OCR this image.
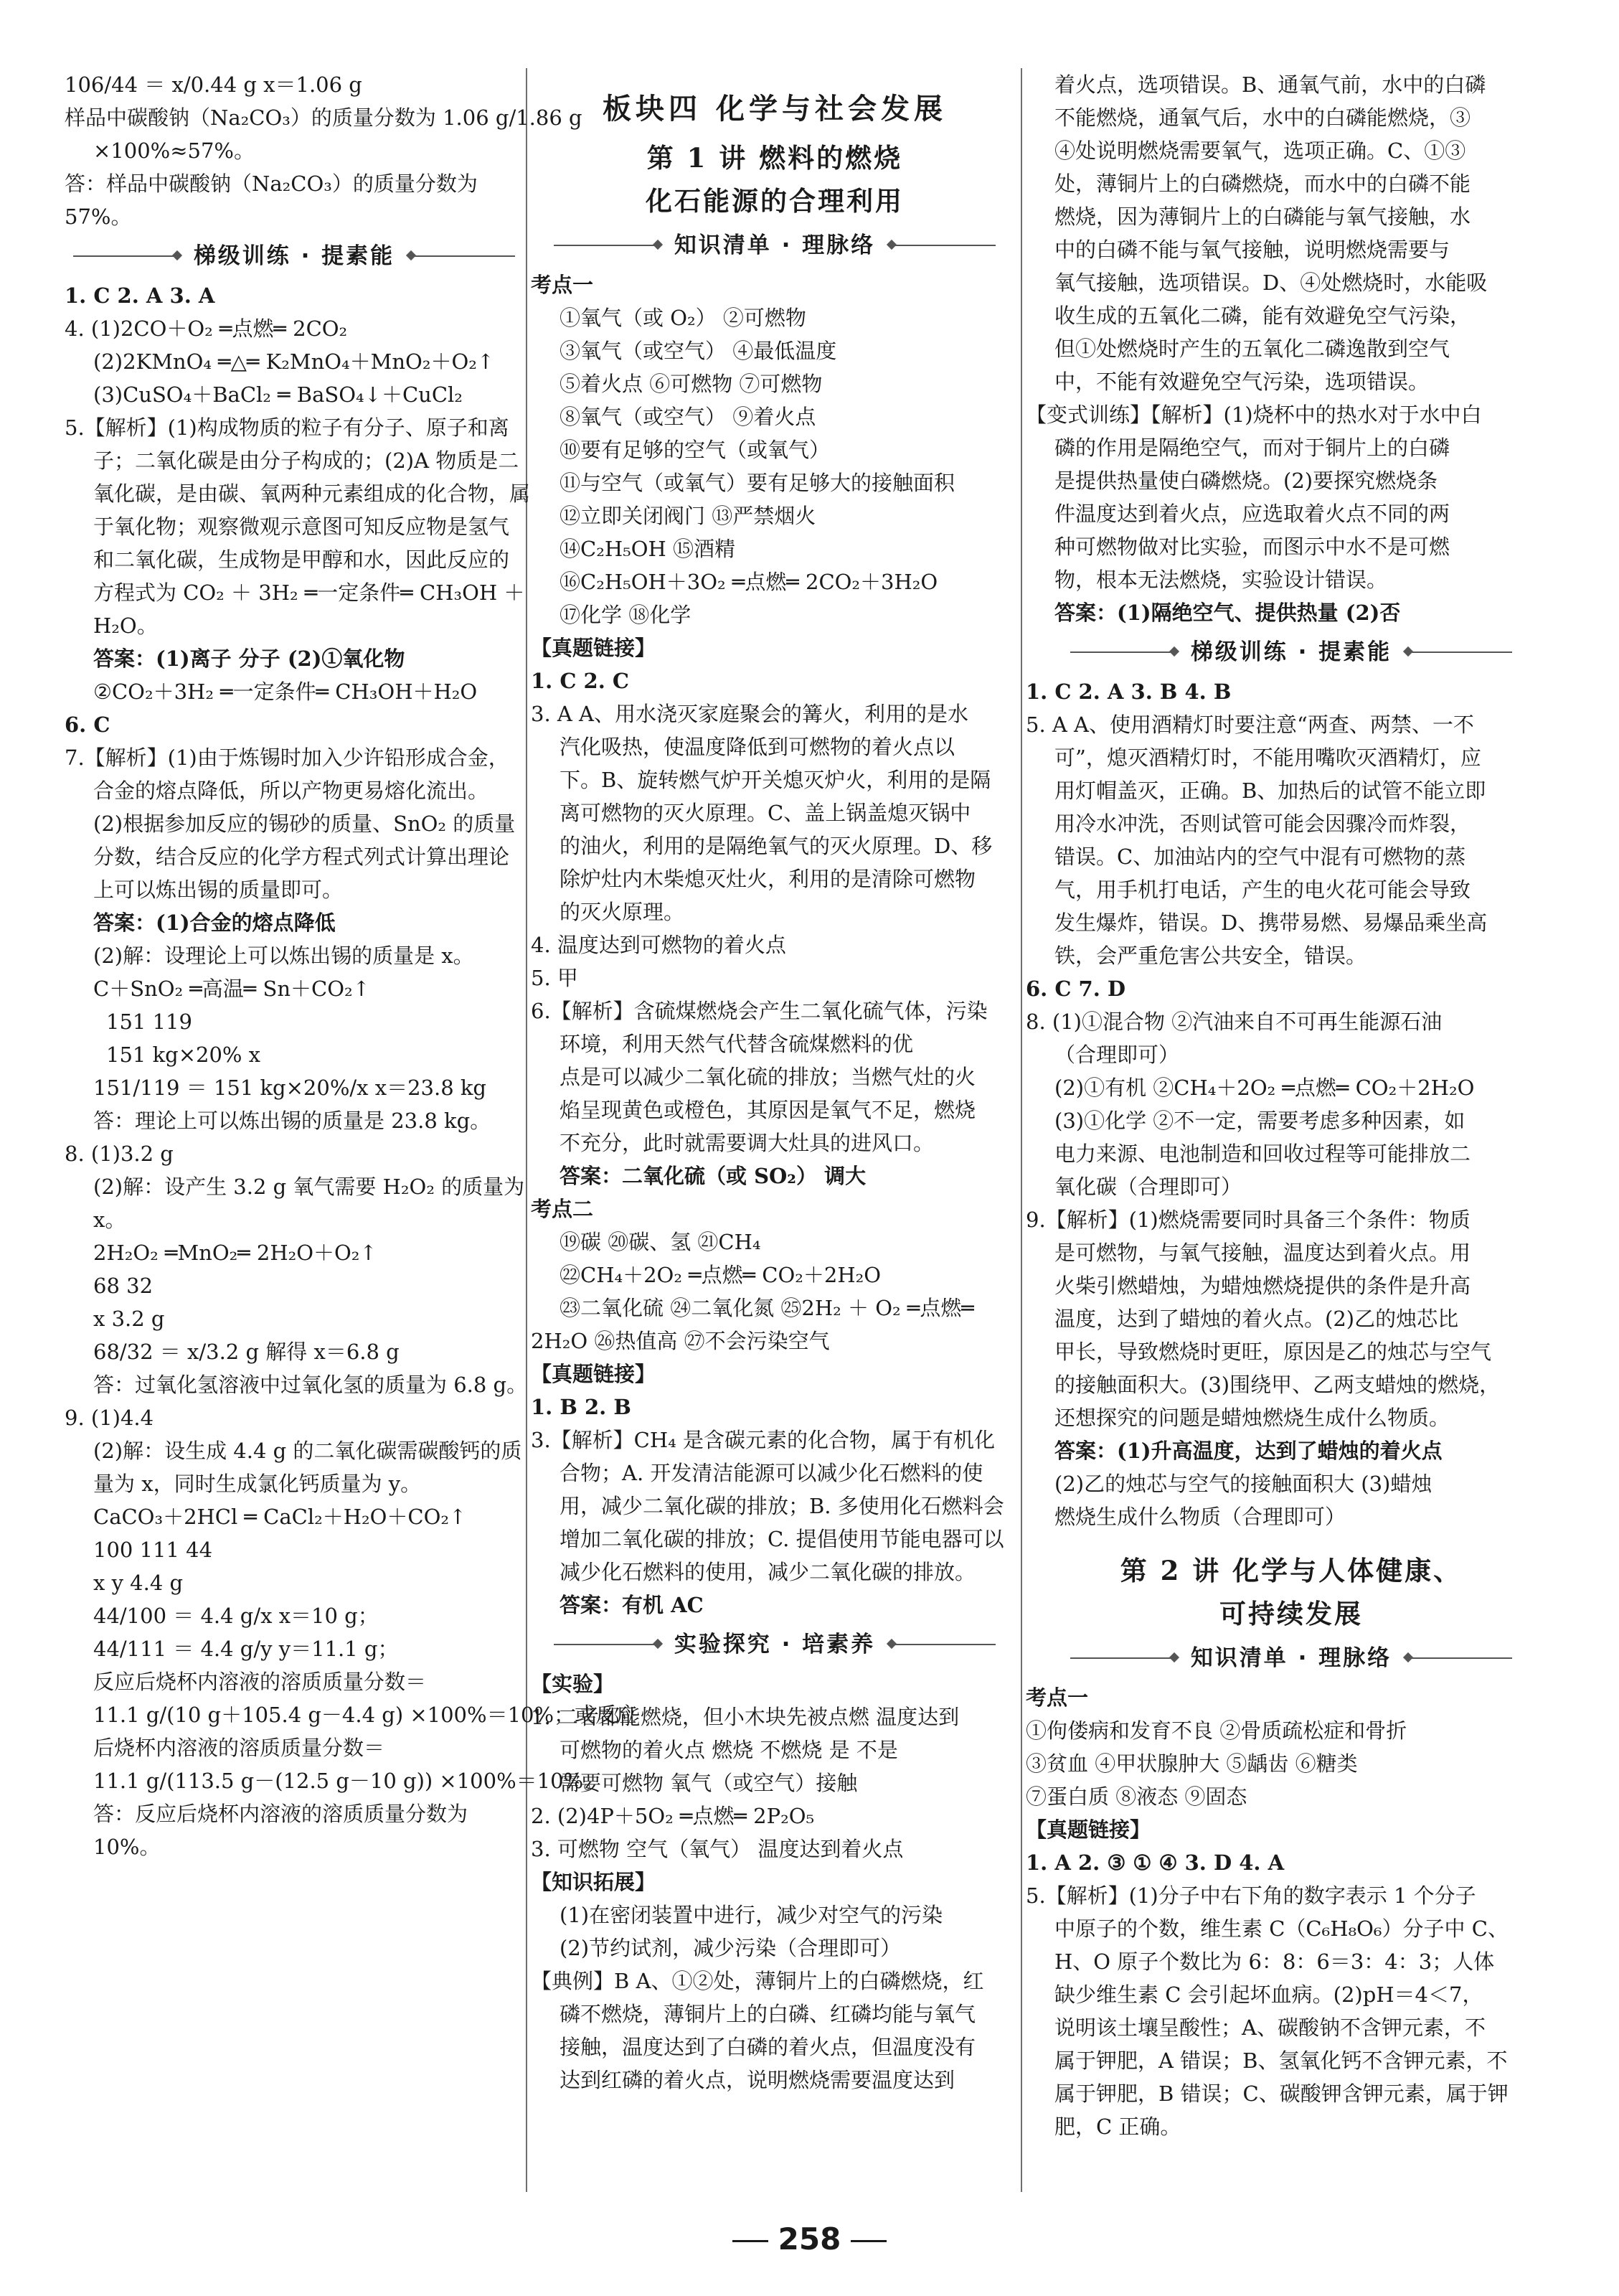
106/44 ＝ x/0.44 g x＝1.06 g
样品中碳酸钠（Na₂CO₃）的质量分数为 1.06 g/1.86 g
×100%≈57%。
答：样品中碳酸钠（Na₂CO₃）的质量分数为
57%。
梯级训练 · 提素能
1. C 2. A 3. A
4. (1)2CO＋O₂ ═点燃═ 2CO₂
(2)2KMnO₄ ═△═ K₂MnO₄＋MnO₂＋O₂↑
(3)CuSO₄＋BaCl₂ ═ BaSO₄↓＋CuCl₂
5.【解析】(1)构成物质的粒子有分子、原子和离
子；二氧化碳是由分子构成的；(2)A 物质是二
氧化碳，是由碳、氧两种元素组成的化合物，属
于氧化物；观察微观示意图可知反应物是氢气
和二氧化碳，生成物是甲醇和水，因此反应的
方程式为 CO₂ ＋ 3H₂ ═一定条件═ CH₃OH ＋
H₂O。
答案：(1)离子 分子 (2)①氧化物
②CO₂＋3H₂ ═一定条件═ CH₃OH＋H₂O
6. C
7.【解析】(1)由于炼锡时加入少许铅形成合金，
合金的熔点降低，所以产物更易熔化流出。
(2)根据参加反应的锡砂的质量、SnO₂ 的质量
分数，结合反应的化学方程式列式计算出理论
上可以炼出锡的质量即可。
答案：(1)合金的熔点降低
(2)解：设理论上可以炼出锡的质量是 x。
C＋SnO₂ ═高温═ Sn＋CO₂↑
151 119
151 kg×20% x
151/119 ＝ 151 kg×20%/x x＝23.8 kg
答：理论上可以炼出锡的质量是 23.8 kg。
8. (1)3.2 g
(2)解：设产生 3.2 g 氧气需要 H₂O₂ 的质量为
x。
2H₂O₂ ═MnO₂═ 2H₂O＋O₂↑
68 32
x 3.2 g
68/32 ＝ x/3.2 g 解得 x＝6.8 g
答：过氧化氢溶液中过氧化氢的质量为 6.8 g。
9. (1)4.4
(2)解：设生成 4.4 g 的二氧化碳需碳酸钙的质
量为 x，同时生成氯化钙质量为 y。
CaCO₃＋2HCl ═ CaCl₂＋H₂O＋CO₂↑
100 111 44
x y 4.4 g
44/100 ＝ 4.4 g/x x＝10 g；
44/111 ＝ 4.4 g/y y＝11.1 g；
反应后烧杯内溶液的溶质质量分数＝
11.1 g/(10 g＋105.4 g－4.4 g) ×100%＝10%；或反应
后烧杯内溶液的溶质质量分数＝
11.1 g/(113.5 g－(12.5 g－10 g)) ×100%＝10%。
答：反应后烧杯内溶液的溶质质量分数为
10%。
板块四 化学与社会发展
第 1 讲 燃料的燃烧
化石能源的合理利用
知识清单 · 理脉络
考点一
①氧气（或 O₂） ②可燃物
③氧气（或空气） ④最低温度
⑤着火点 ⑥可燃物 ⑦可燃物
⑧氧气（或空气） ⑨着火点
⑩要有足够的空气（或氧气）
⑪与空气（或氧气）要有足够大的接触面积
⑫立即关闭阀门 ⑬严禁烟火
⑭C₂H₅OH ⑮酒精
⑯C₂H₅OH＋3O₂ ═点燃═ 2CO₂＋3H₂O
⑰化学 ⑱化学
【真题链接】
1. C 2. C
3. A A、用水浇灭家庭聚会的篝火，利用的是水
汽化吸热，使温度降低到可燃物的着火点以
下。B、旋转燃气炉开关熄灭炉火，利用的是隔
离可燃物的灭火原理。C、盖上锅盖熄灭锅中
的油火，利用的是隔绝氧气的灭火原理。D、移
除炉灶内木柴熄灭灶火，利用的是清除可燃物
的灭火原理。
4. 温度达到可燃物的着火点
5. 甲
6.【解析】含硫煤燃烧会产生二氧化硫气体，污染
环境，利用天然气代替含硫煤燃料的优
点是可以减少二氧化硫的排放；当燃气灶的火
焰呈现黄色或橙色，其原因是氧气不足，燃烧
不充分，此时就需要调大灶具的进风口。
答案：二氧化硫（或 SO₂） 调大
考点二
⑲碳 ⑳碳、氢 ㉑CH₄
㉒CH₄＋2O₂ ═点燃═ CO₂＋2H₂O
㉓二氧化硫 ㉔二氧化氮 ㉕2H₂ ＋ O₂ ═点燃═
2H₂O ㉖热值高 ㉗不会污染空气
【真题链接】
1. B 2. B
3.【解析】CH₄ 是含碳元素的化合物，属于有机化
合物；A. 开发清洁能源可以减少化石燃料的使
用，减少二氧化碳的排放；B. 多使用化石燃料会
增加二氧化碳的排放；C. 提倡使用节能电器可以
减少化石燃料的使用，减少二氧化碳的排放。
答案：有机 AC
实验探究 · 培素养
【实验】
1. 二者都能燃烧，但小木块先被点燃 温度达到
可燃物的着火点 燃烧 不燃烧 是 不是
需要可燃物 氧气（或空气）接触
2. (2)4P＋5O₂ ═点燃═ 2P₂O₅
3. 可燃物 空气（氧气） 温度达到着火点
【知识拓展】
(1)在密闭装置中进行，减少对空气的污染
(2)节约试剂，减少污染（合理即可）
【典例】B A、①②处，薄铜片上的白磷燃烧，红
磷不燃烧，薄铜片上的白磷、红磷均能与氧气
接触，温度达到了白磷的着火点，但温度没有
达到红磷的着火点，说明燃烧需要温度达到
着火点，选项错误。B、通氧气前，水中的白磷
不能燃烧，通氧气后，水中的白磷能燃烧，③
④处说明燃烧需要氧气，选项正确。C、①③
处，薄铜片上的白磷燃烧，而水中的白磷不能
燃烧，因为薄铜片上的白磷能与氧气接触，水
中的白磷不能与氧气接触，说明燃烧需要与
氧气接触，选项错误。D、④处燃烧时，水能吸
收生成的五氧化二磷，能有效避免空气污染，
但①处燃烧时产生的五氧化二磷逸散到空气
中，不能有效避免空气污染，选项错误。
【变式训练】【解析】(1)烧杯中的热水对于水中白
磷的作用是隔绝空气，而对于铜片上的白磷
是提供热量使白磷燃烧。(2)要探究燃烧条
件温度达到着火点，应选取着火点不同的两
种可燃物做对比实验，而图示中水不是可燃
物，根本无法燃烧，实验设计错误。
答案：(1)隔绝空气、提供热量 (2)否
梯级训练 · 提素能
1. C 2. A 3. B 4. B
5. A A、使用酒精灯时要注意“两查、两禁、一不
可”，熄灭酒精灯时，不能用嘴吹灭酒精灯，应
用灯帽盖灭，正确。B、加热后的试管不能立即
用冷水冲洗，否则试管可能会因骤冷而炸裂，
错误。C、加油站内的空气中混有可燃物的蒸
气，用手机打电话，产生的电火花可能会导致
发生爆炸，错误。D、携带易燃、易爆品乘坐高
铁，会严重危害公共安全，错误。
6. C 7. D
8. (1)①混合物 ②汽油来自不可再生能源石油
（合理即可）
(2)①有机 ②CH₄＋2O₂ ═点燃═ CO₂＋2H₂O
(3)①化学 ②不一定，需要考虑多种因素，如
电力来源、电池制造和回收过程等可能排放二
氧化碳（合理即可）
9.【解析】(1)燃烧需要同时具备三个条件：物质
是可燃物，与氧气接触，温度达到着火点。用
火柴引燃蜡烛，为蜡烛燃烧提供的条件是升高
温度，达到了蜡烛的着火点。(2)乙的烛芯比
甲长，导致燃烧时更旺，原因是乙的烛芯与空气
的接触面积大。(3)围绕甲、乙两支蜡烛的燃烧，
还想探究的问题是蜡烛燃烧生成什么物质。
答案：(1)升高温度，达到了蜡烛的着火点
(2)乙的烛芯与空气的接触面积大 (3)蜡烛
燃烧生成什么物质（合理即可）
第 2 讲 化学与人体健康、
可持续发展
知识清单 · 理脉络
考点一
①佝偻病和发育不良 ②骨质疏松症和骨折
③贫血 ④甲状腺肿大 ⑤龋齿 ⑥糖类
⑦蛋白质 ⑧液态 ⑨固态
【真题链接】
1. A 2. ③ ① ④ 3. D 4. A
5.【解析】(1)分子中右下角的数字表示 1 个分子
中原子的个数，维生素 C（C₆H₈O₆）分子中 C、
H、O 原子个数比为 6：8：6＝3：4：3；人体
缺少维生素 C 会引起坏血病。(2)pH＝4＜7，
说明该土壤呈酸性；A、碳酸钠不含钾元素，不
属于钾肥，A 错误；B、氢氧化钙不含钾元素，不
属于钾肥，B 错误；C、碳酸钾含钾元素，属于钾
肥，C 正确。
258
